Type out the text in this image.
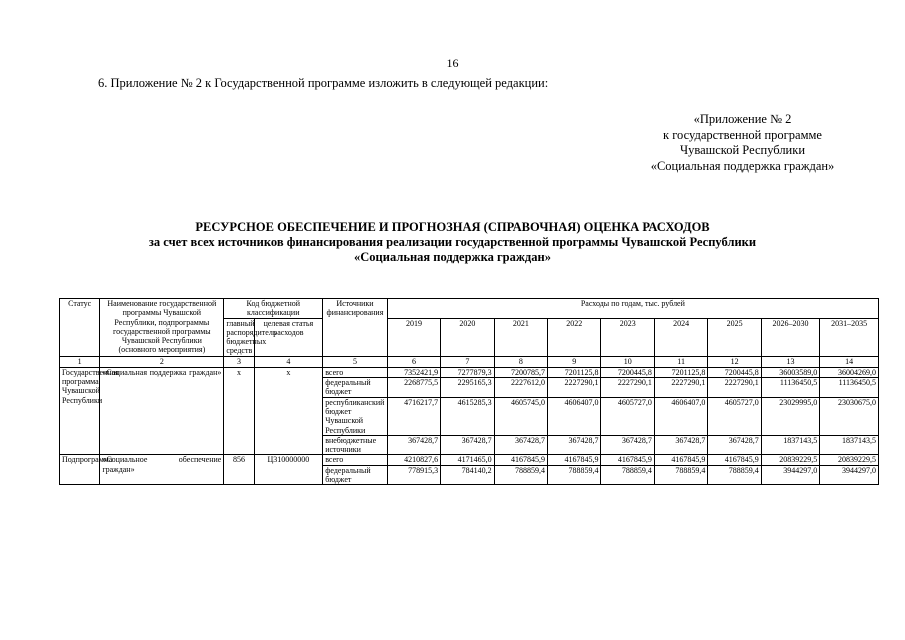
16
6. Приложение № 2 к Государственной программе изложить в следующей редакции:
«Приложение № 2
к государственной программе
Чувашской Республики
«Социальная поддержка граждан»
РЕСУРСНОЕ ОБЕСПЕЧЕНИЕ И ПРОГНОЗНАЯ (СПРАВОЧНАЯ) ОЦЕНКА РАСХОДОВ
за счет всех источников финансирования реализации государственной программы Чувашской Республики
«Социальная поддержка граждан»
Статус	Наименование государственной программы Чувашской Республики, подпрограммы государственной программы Чувашской Республики (основного мероприятия)	Код бюджетной классификации		Источники финансирования	Расходы по годам, тыс. рублей								
		главный распорядитель бюджетных средств	целевая статья расходов		2019	2020	2021	2022	2023	2024	2025	2026–2030	2031–2035

1	2	3	4	5	6	7	8	9	10	11	12	13	14
Государственная программа Чувашской Республики	«Социальная поддержка граждан»	x	x	всего	7352421,9	7277879,3	7200785,7	7201125,8	7200445,8	7201125,8	7200445,8	36003589,0	36004269,0
				федеральный бюджет	2268775,5	2295165,3	2227612,0	2227290,1	2227290,1	2227290,1	2227290,1	11136450,5	11136450,5
				республиканский бюджет Чувашской Республики	4716217,7	4615285,3	4605745,0	4606407,0	4605727,0	4606407,0	4605727,0	23029995,0	23030675,0
				внебюджетные источники	367428,7	367428,7	367428,7	367428,7	367428,7	367428,7	367428,7	1837143,5	1837143,5
Подпрограмма	«Социальное обеспечение граждан»	856	Ц310000000	всего	4210827,6	4171465,0	4167845,9	4167845,9	4167845,9	4167845,9	4167845,9	20839229,5	20839229,5
				федеральный бюджет	778915,3	784140,2	788859,4	788859,4	788859,4	788859,4	788859,4	3944297,0	3944297,0
